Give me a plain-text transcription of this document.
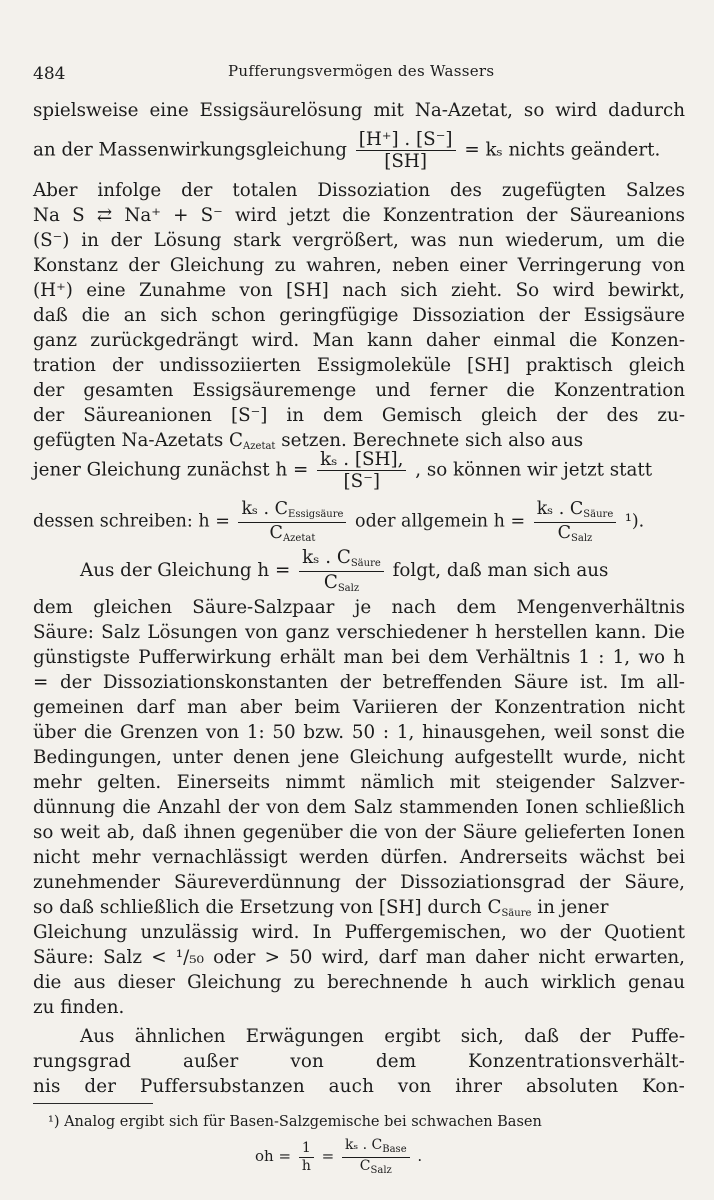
484	Pufferungsvermögen des Wassers
spielsweise eine Essigsäurelösung mit Na-Azetat, so wird dadurch
an der Massenwirkungsgleichung $\frac{[H^+] . [S^-]}{[SH]} = k_s$ nichts geändert.
Aber infolge der totalen Dissoziation des zugefügten Salzes
Na S ⇄ Na⁺ + S⁻ wird jetzt die Konzentration der Säureanions
(S⁻) in der Lösung stark vergrößert, was nun wiederum, um die
Konstanz der Gleichung zu wahren, neben einer Verringerung von
(H⁺) eine Zunahme von [SH] nach sich zieht. So wird bewirkt,
daß die an sich schon geringfügige Dissoziation der Essigsäure
ganz zurückgedrängt wird. Man kann daher einmal die Konzen-
tration der undissoziierten Essigmoleküle [SH] praktisch gleich
der gesamten Essigsäuremenge und ferner die Konzentration
der Säureanionen [S⁻] in dem Gemisch gleich der des zu-
gefügten Na-Azetats $C_{Azetat}$ setzen. Berechnete sich also aus
jener Gleichung zunächst $h = \frac{\text{kₛ . [SH],}}{[S^-]}$ , so können wir jetzt statt
dessen schreiben: $h = \frac{k_s . C_{Essigsäure}}{C_{Azetat}}$ oder allgemein $h = \frac{k_s . C_{Säure}}{C_{Salz}} ^1$).
Aus der Gleichung $h = \frac{k_s . C_{Säure}}{C_{Salz}} folgt$, daß man sich aus
dem gleichen Säure-Salzpaar je nach dem Mengenverhältnis
Säure: Salz Lösungen von ganz verschiedener h herstellen kann. Die
günstigste Pufferwirkung erhält man bei dem Verhältnis 1 : 1, wo h
= der Dissoziationskonstanten der betreffenden Säure ist. Im all-
gemeinen darf man aber beim Variieren der Konzentration nicht
über die Grenzen von 1: 50 bzw. 50 : 1, hinausgehen, weil sonst die
Bedingungen, unter denen jene Gleichung aufgestellt wurde, nicht
mehr gelten. Einerseits nimmt nämlich mit steigender Salzver-
dünnung die Anzahl der von dem Salz stammenden Ionen schließlich
so weit ab, daß ihnen gegenüber die von der Säure gelieferten Ionen
nicht mehr vernachlässigt werden dürfen. Andrerseits wächst bei
zunehmender Säureverdünnung der Dissoziationsgrad der Säure,
so daß schließlich die Ersetzung von [SH] durch $C_{Säure}$ in jener
Gleichung unzulässig wird. In Puffergemischen, wo der Quotient
Säure: Salz < ¹/₅₀ oder > 50 wird, darf man daher nicht erwarten,
die aus dieser Gleichung zu berechnende h auch wirklich genau
zu finden.
Aus ähnlichen Erwägungen ergibt sich, daß der Puffe-
rungsgrad außer von dem Konzentrationsverhält-
nis der Puffersubstanzen auch von ihrer absoluten Kon-
¹) Analog ergibt sich für Basen-Salzgemische bei schwachen Basen
oh = $\frac{1}{h} = \frac{k_s . C_{Base}}{C_{Salz}}$ .
